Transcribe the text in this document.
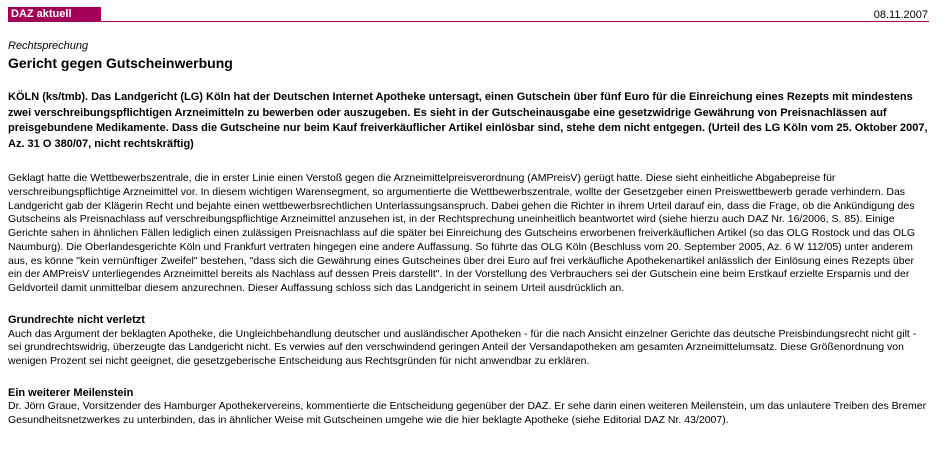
DAZ aktuell	08.11.2007

Rechtsprechung

Gericht gegen Gutscheinwerbung

KÖLN (ks/tmb). Das Landgericht (LG) Köln hat der Deutschen Internet Apotheke untersagt, einen Gutschein über fünf Euro für die Einreichung eines Rezepts mit mindestens zwei verschreibungspflichtigen Arzneimitteln zu bewerben oder auszugeben. Es sieht in der Gutscheinausgabe eine gesetzwidrige Gewährung von Preisnachlässen auf preisgebundene Medikamente. Dass die Gutscheine nur beim Kauf freiverkäuflicher Artikel einlösbar sind, stehe dem nicht entgegen. (Urteil des LG Köln vom 25. Oktober 2007, Az. 31 O 380/07, nicht rechtskräftig)

Geklagt hatte die Wettbewerbszentrale, die in erster Linie einen Verstoß gegen die Arzneimittelpreisverordnung (AMPreisV) gerügt hatte. Diese sieht einheitliche Abgabepreise für verschreibungspflichtige Arzneimittel vor. In diesem wichtigen Warensegment, so argumentierte die Wettbewerbszentrale, wollte der Gesetzgeber einen Preiswettbewerb gerade verhindern. Das Landgericht gab der Klägerin Recht und bejahte einen wettbewerbsrechtlichen Unterlassungsanspruch. Dabei gehen die Richter in ihrem Urteil darauf ein, dass die Frage, ob die Ankündigung des Gutscheins als Preisnachlass auf verschreibungspflichtige Arzneimittel anzusehen ist, in der Rechtsprechung uneinheitlich beantwortet wird (siehe hierzu auch DAZ Nr. 16/2006, S. 85). Einige Gerichte sahen in ähnlichen Fällen lediglich einen zulässigen Preisnachlass auf die später bei Einreichung des Gutscheins erworbenen freiverkäuflichen Artikel (so das OLG Rostock und das OLG Naumburg). Die Oberlandesgerichte Köln und Frankfurt vertraten hingegen eine andere Auffassung. So führte das OLG Köln (Beschluss vom 20. September 2005, Az. 6 W 112/05) unter anderem aus, es könne "kein vernünftiger Zweifel" bestehen, "dass sich die Gewährung eines Gutscheines über drei Euro auf frei verkäufliche Apothekenartikel anlässlich der Einlösung eines Rezepts über ein der AMPreisV unterliegendes Arzneimittel bereits als Nachlass auf dessen Preis darstellt". In der Vorstellung des Verbrauchers sei der Gutschein eine beim Erstkauf erzielte Ersparnis und der Geldvorteil damit unmittelbar diesem anzurechnen. Dieser Auffassung schloss sich das Landgericht in seinem Urteil ausdrücklich an.

Grundrechte nicht verletzt

Auch das Argument der beklagten Apotheke, die Ungleichbehandlung deutscher und ausländischer Apotheken - für die nach Ansicht einzelner Gerichte das deutsche Preisbindungsrecht nicht gilt - sei grundrechtswidrig, überzeugte das Landgericht nicht. Es verwies auf den verschwindend geringen Anteil der Versandapotheken am gesamten Arzneimittelumsatz. Diese Größenordnung von wenigen Prozent sei nicht geeignet, die gesetzgeberische Entscheidung aus Rechtsgründen für nicht anwendbar zu erklären.

Ein weiterer Meilenstein

Dr. Jörn Graue, Vorsitzender des Hamburger Apothekervereins, kommentierte die Entscheidung gegenüber der DAZ. Er sehe darin einen weiteren Meilenstein, um das unlautere Treiben des Bremer Gesundheitsnetzwerkes zu unterbinden, das in ähnlicher Weise mit Gutscheinen umgehe wie die hier beklagte Apotheke (siehe Editorial DAZ Nr. 43/2007).
